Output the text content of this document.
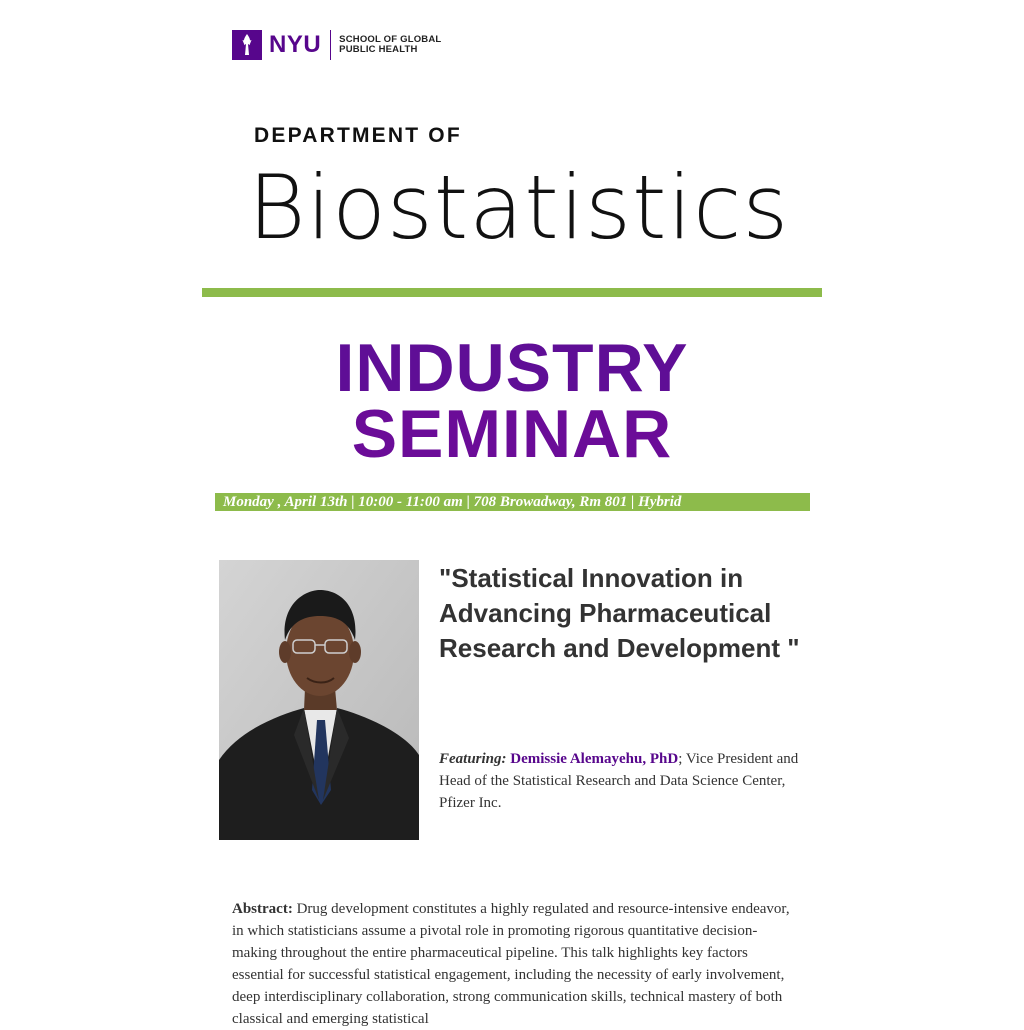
NYU SCHOOL OF GLOBAL
PUBLIC HEALTH
DEPARTMENT OF
Biostatistics
INDUSTRY
SEMINAR
Monday , April 13th | 10:00 - 11:00 am | 708 Browadway, Rm 801 | Hybrid
"Statistical Innovation in Advancing Pharmaceutical Research and Development "
Featuring: Demissie Alemayehu, PhD; Vice President and Head of the Statistical Research and Data Science Center, Pfizer Inc.
Abstract: Drug development constitutes a highly regulated and resource-intensive endeavor, in which statisticians assume a pivotal role in promoting rigorous quantitative decision-making throughout the entire pharmaceutical pipeline. This talk highlights key factors essential for successful statistical engagement, including the necessity of early involvement, deep interdisciplinary collaboration, strong communication skills, technical mastery of both classical and emerging statistical
